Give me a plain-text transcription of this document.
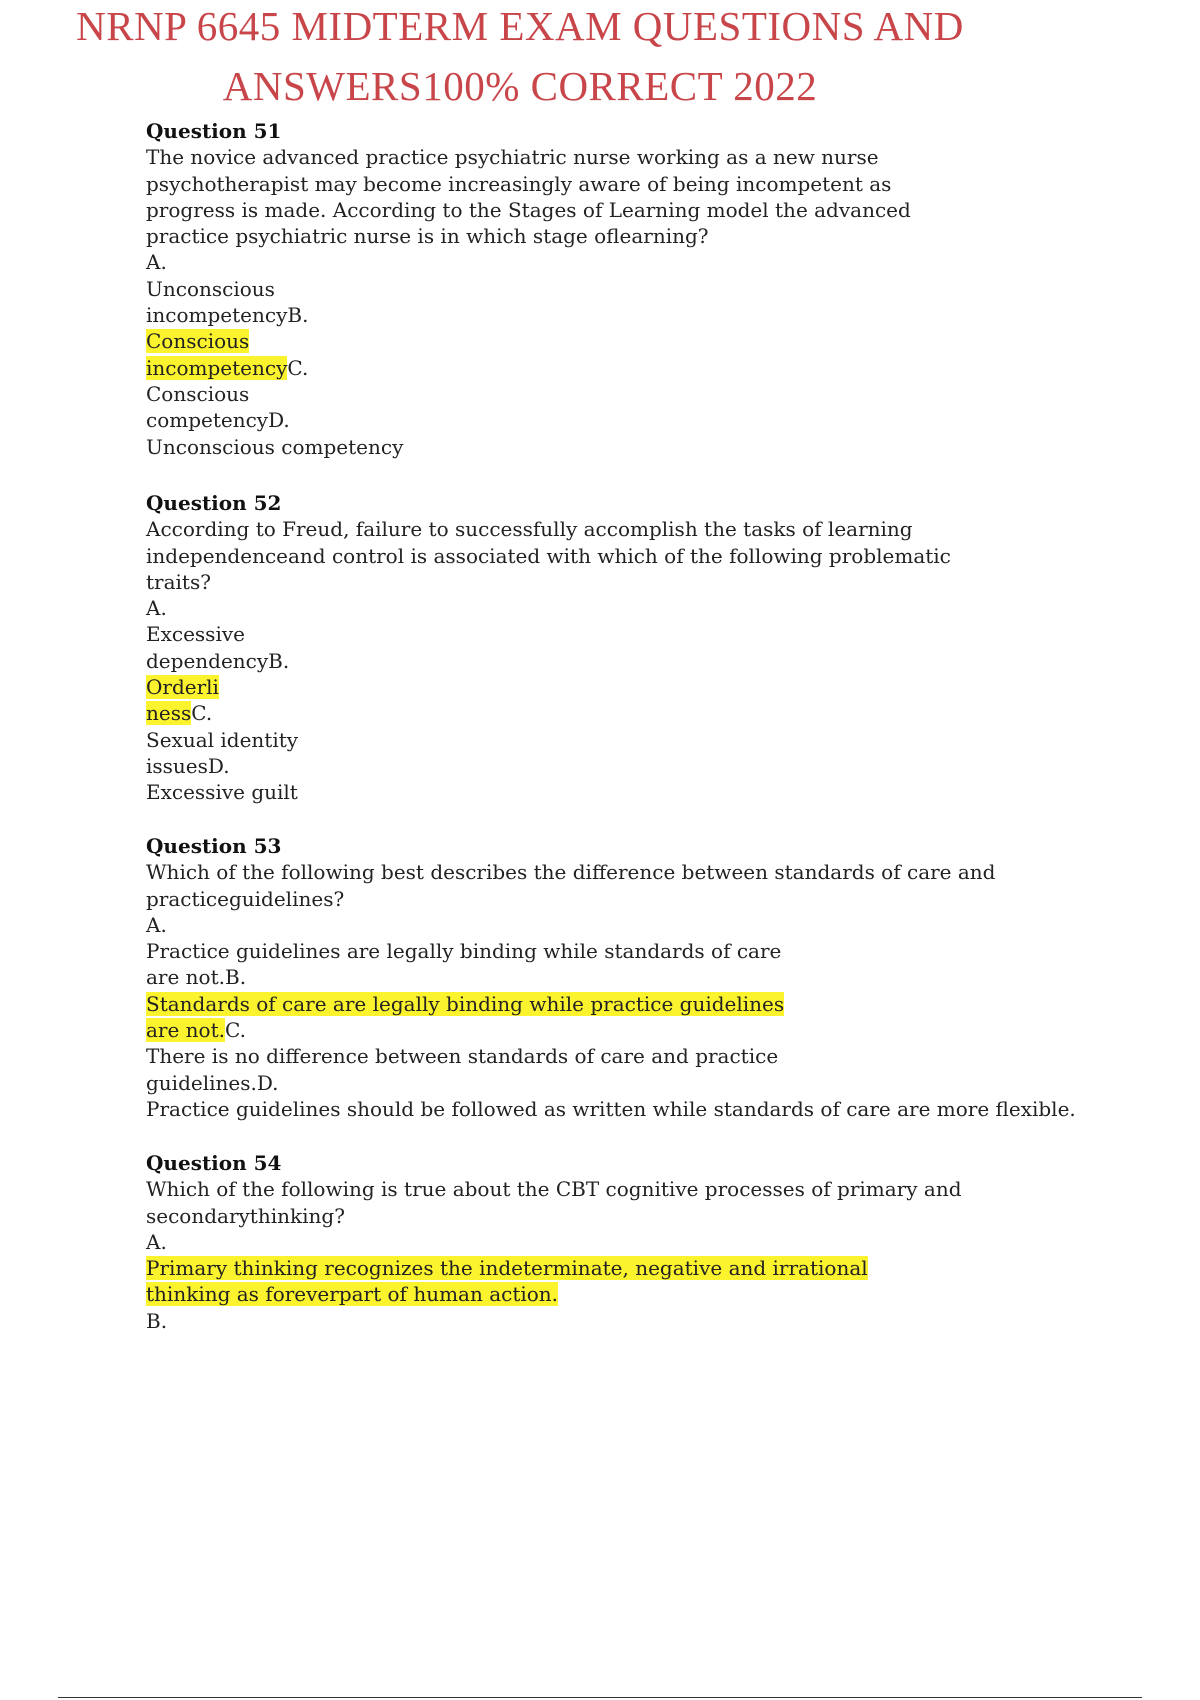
NRNP 6645 MIDTERM EXAM QUESTIONS AND
ANSWERS100% CORRECT 2022
Question 51
The novice advanced practice psychiatric nurse working as a new nurse
psychotherapist may become increasingly aware of being incompetent as
progress is made. According to the Stages of Learning model the advanced
practice psychiatric nurse is in which stage oflearning?
A.
Unconscious
incompetencyB.
Conscious
incompetencyC.
Conscious
competencyD.
Unconscious competency
Question 52
According to Freud, failure to successfully accomplish the tasks of learning
independenceand control is associated with which of the following problematic
traits?
A.
Excessive
dependencyB.
Orderli
nessC.
Sexual identity
issuesD.
Excessive guilt
Question 53
Which of the following best describes the difference between standards of care and
practiceguidelines?
A.
Practice guidelines are legally binding while standards of care
are not.B.
Standards of care are legally binding while practice guidelines
are not.C.
There is no difference between standards of care and practice
guidelines.D.
Practice guidelines should be followed as written while standards of care are more flexible.
Question 54
Which of the following is true about the CBT cognitive processes of primary and
secondarythinking?
A.
Primary thinking recognizes the indeterminate, negative and irrational
thinking as foreverpart of human action.
B.
